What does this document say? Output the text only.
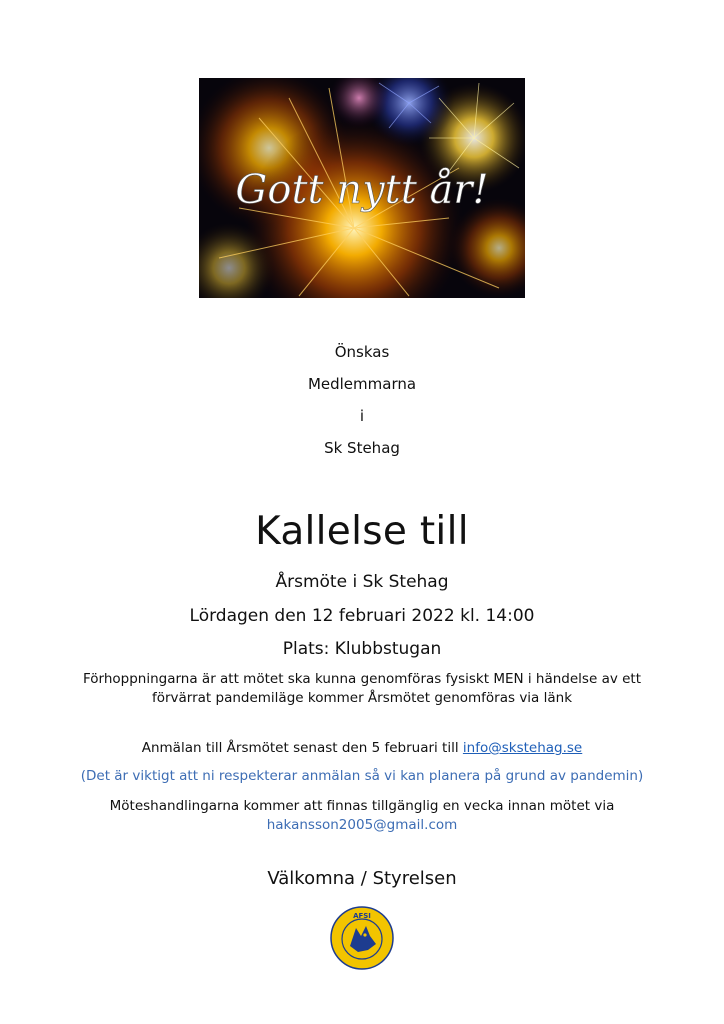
Gott nytt år!
Önskas
Medlemmarna
i
Sk Stehag
Kallelse till
Årsmöte i Sk Stehag
Lördagen den 12 februari 2022 kl. 14:00
Plats: Klubbstugan
Förhoppningarna är att mötet ska kunna genomföras fysiskt MEN i händelse av ett
förvärrat pandemiläge kommer Årsmötet genomföras via länk
Anmälan till Årsmötet senast den 5 februari till info@skstehag.se
(Det är viktigt att ni respekterar anmälan så vi kan planera på grund av pandemin)
Möteshandlingarna kommer att finnas tillgänglig en vecka innan mötet via
hakansson2005@gmail.com
Välkomna / Styrelsen
AFSI
